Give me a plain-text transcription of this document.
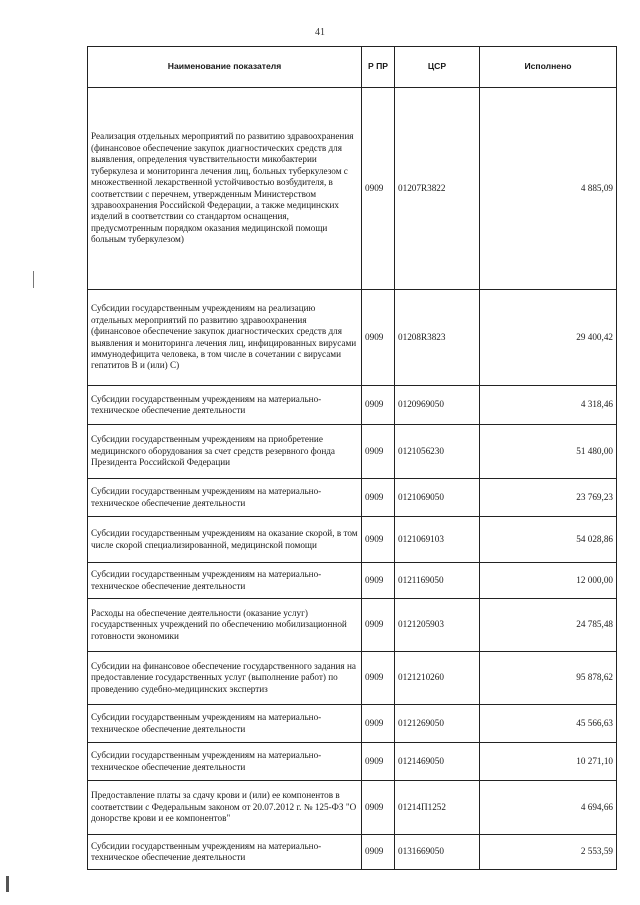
41
Наименование показателя	Р ПР	ЦСР	Исполнено
Реализация отдельных мероприятий по развитию здравоохранения (финансовое обеспечение закупок диагностических средств для выявления, определения чувствительности микобактерии туберкулеза и мониторинга лечения лиц, больных туберкулезом с множественной лекарственной устойчивостью возбудителя, в соответствии с перечнем, утвержденным Министерством здравоохранения Российской Федерации, а также медицинских изделий в соответствии со стандартом оснащения, предусмотренным порядком оказания медицинской помощи больным туберкулезом)	0909	01207R3822	4 885,09
Субсидии государственным учреждениям на реализацию отдельных мероприятий по развитию здравоохранения (финансовое обеспечение закупок диагностических средств для выявления и мониторинга лечения лиц, инфицированных вирусами иммунодефицита человека, в том числе в сочетании с вирусами гепатитов В и (или) С)	0909	01208R3823	29 400,42
Субсидии государственным учреждениям на материально-техническое обеспечение деятельности	0909	0120969050	4 318,46
Субсидии государственным учреждениям на приобретение медицинского оборудования за счет средств резервного фонда Президента Российской Федерации	0909	0121056230	51 480,00
Субсидии государственным учреждениям на материально-техническое обеспечение деятельности	0909	0121069050	23 769,23
Субсидии государственным учреждениям на оказание скорой, в том числе скорой специализированной, медицинской помощи	0909	0121069103	54 028,86
Субсидии государственным учреждениям на материально-техническое обеспечение деятельности	0909	0121169050	12 000,00
Расходы на обеспечение деятельности (оказание услуг) государственных учреждений по обеспечению мобилизационной готовности экономики	0909	0121205903	24 785,48
Субсидии на финансовое обеспечение государственного задания на предоставление государственных услуг (выполнение работ) по проведению судебно-медицинских экспертиз	0909	0121210260	95 878,62
Субсидии государственным учреждениям на материально-техническое обеспечение деятельности	0909	0121269050	45 566,63
Субсидии государственным учреждениям на материально-техническое обеспечение деятельности	0909	0121469050	10 271,10
Предоставление платы за сдачу крови и (или) ее компонентов в соответствии с Федеральным законом от 20.07.2012 г. № 125-ФЗ "О донорстве крови и ее компонентов"	0909	01214П1252	4 694,66
Субсидии государственным учреждениям на материально-техническое обеспечение деятельности	0909	0131669050	2 553,59
